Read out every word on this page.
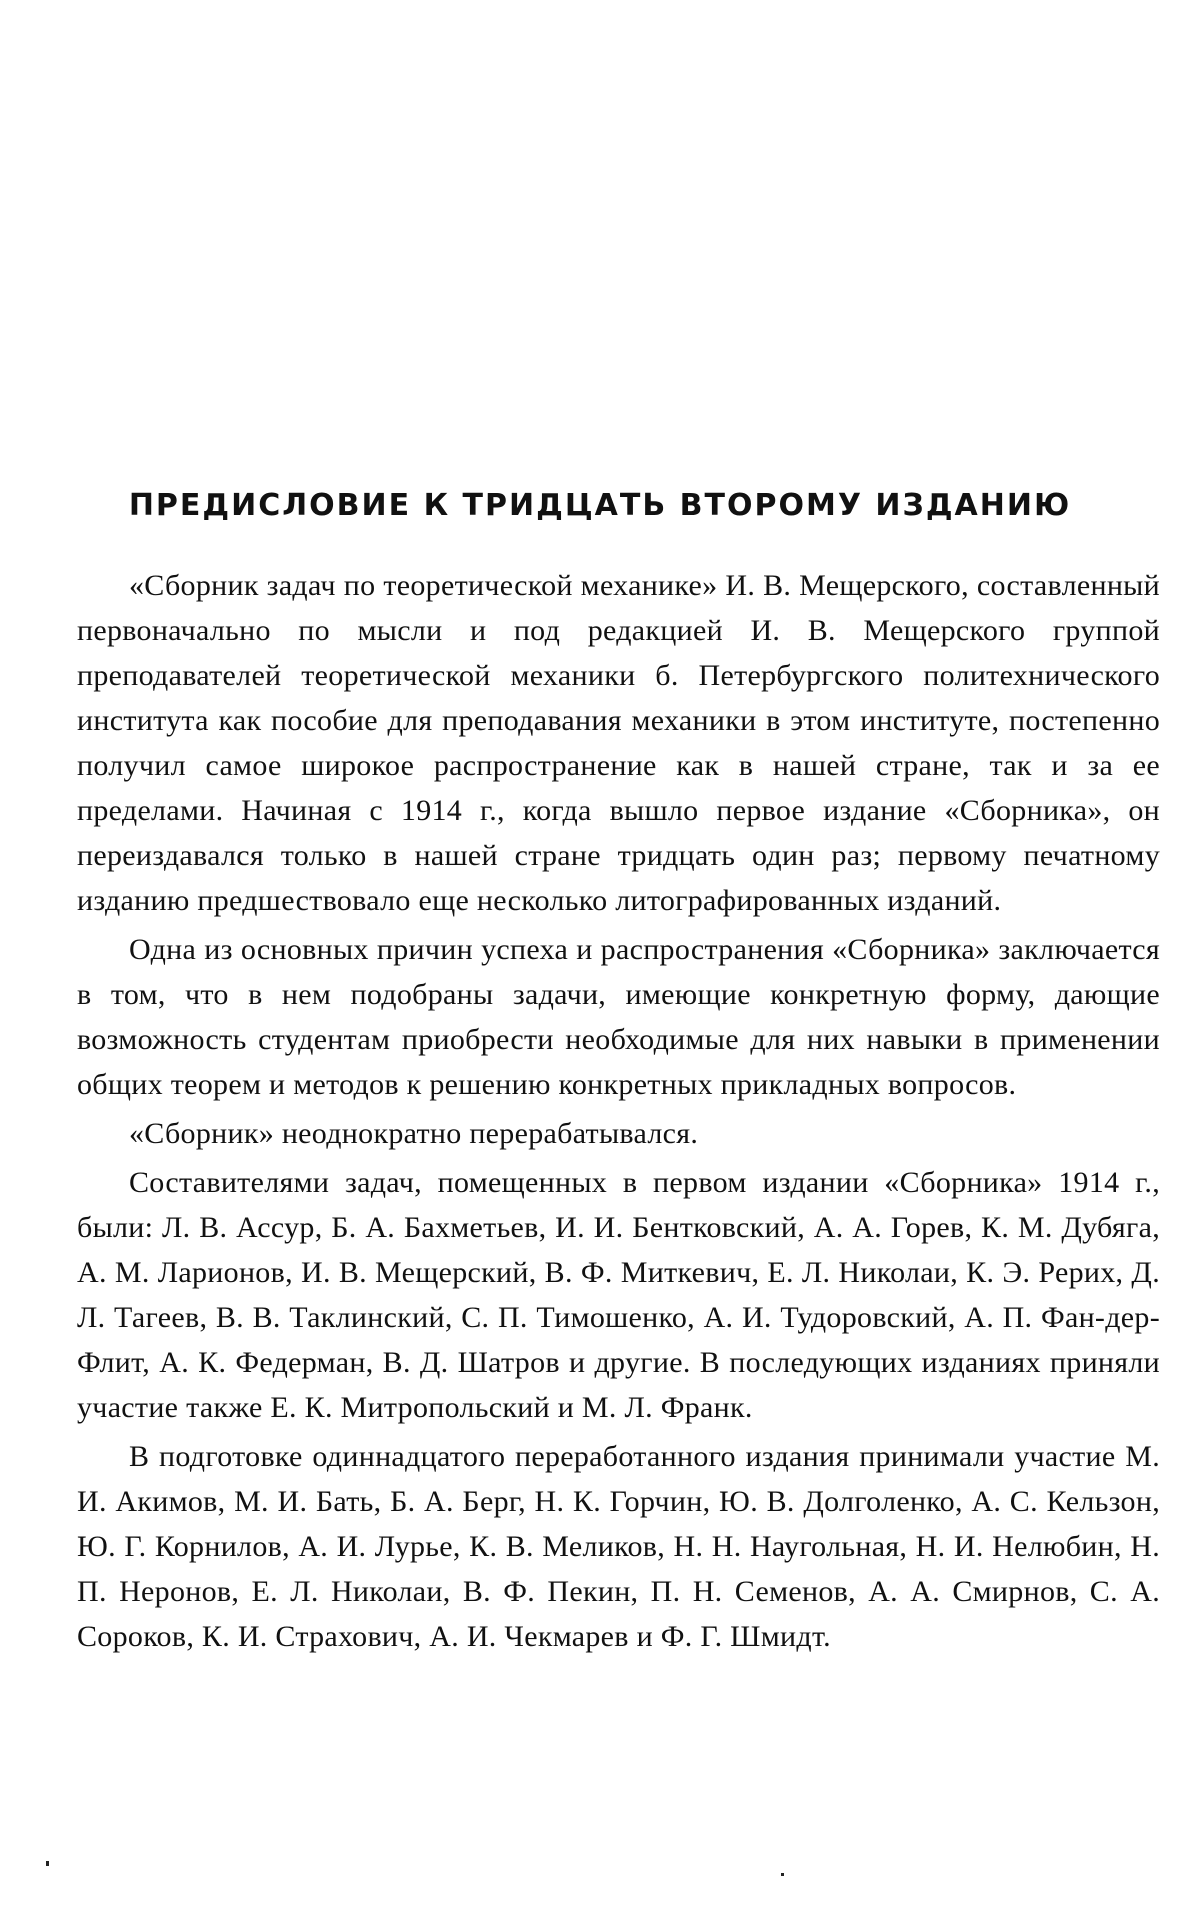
ПРЕДИСЛОВИЕ К ТРИДЦАТЬ ВТОРОМУ ИЗДАНИЮ

«Сборник задач по теоретической механике» И. В. Мещерского, составленный первоначально по мысли и под редакцией И. В. Мещерского группой преподавателей теоретической механики б. Петербургского политехнического института как пособие для преподавания механики в этом институте, постепенно получил самое широкое распространение как в нашей стране, так и за ее пределами. Начиная с 1914 г., когда вышло первое издание «Сборника», он переиздавался только в нашей стране тридцать один раз; первому печатному изданию предшествовало еще несколько литографированных изданий.

Одна из основных причин успеха и распространения «Сборника» заключается в том, что в нем подобраны задачи, имеющие конкретную форму, дающие возможность студентам приобрести необходимые для них навыки в применении общих теорем и методов к решению конкретных прикладных вопросов.

«Сборник» неоднократно перерабатывался.

Составителями задач, помещенных в первом издании «Сборника» 1914 г., были: Л. В. Ассур, Б. А. Бахметьев, И. И. Бентковский, А. А. Горев, К. М. Дубяга, А. М. Ларионов, И. В. Мещерский, В. Ф. Миткевич, Е. Л. Николаи, К. Э. Рерих, Д. Л. Тагеев, В. В. Таклинский, С. П. Тимошенко, А. И. Тудоровский, А. П. Фан-дер-Флит, А. К. Федерман, В. Д. Шатров и другие. В последующих изданиях приняли участие также Е. К. Митропольский и М. Л. Франк.

В подготовке одиннадцатого переработанного издания принимали участие М. И. Акимов, М. И. Бать, Б. А. Берг, Н. К. Горчин, Ю. В. Долголенко, А. С. Кельзон, Ю. Г. Корнилов, А. И. Лурье, К. В. Меликов, Н. Н. Наугольная, Н. И. Нелюбин, Н. П. Неронов, Е. Л. Николаи, В. Ф. Пекин, П. Н. Семенов, А. А. Смирнов, С. А. Сороков, К. И. Страхович, А. И. Чекмарев и Ф. Г. Шмидт.
